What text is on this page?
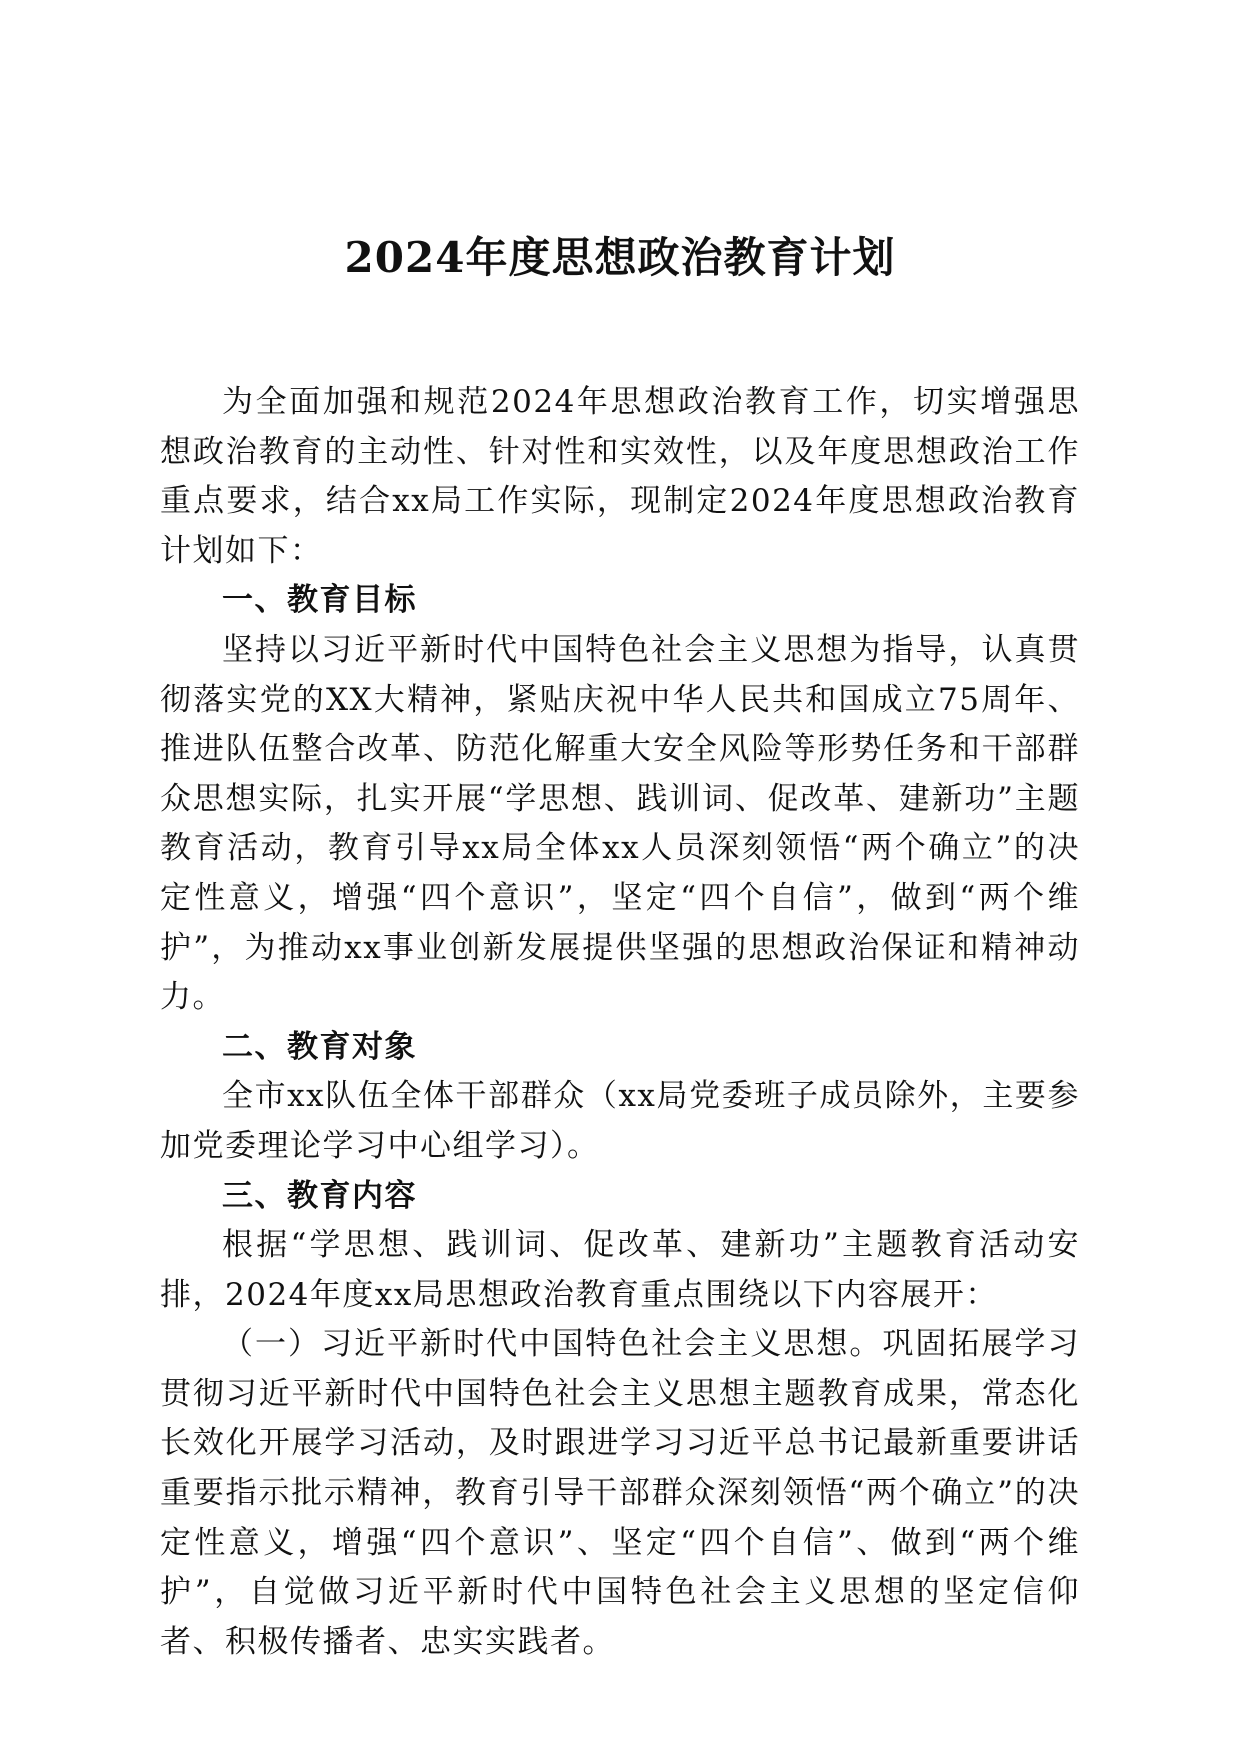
2024年度思想政治教育计划

为全面加强和规范2024年思想政治教育工作，切实增强思想政治教育的主动性、针对性和实效性，以及年度思想政治工作重点要求，结合xx局工作实际，现制定2024年度思想政治教育计划如下：

一、教育目标

坚持以习近平新时代中国特色社会主义思想为指导，认真贯彻落实党的XX大精神，紧贴庆祝中华人民共和国成立75周年、推进队伍整合改革、防范化解重大安全风险等形势任务和干部群众思想实际，扎实开展“学思想、践训词、促改革、建新功”主题教育活动，教育引导xx局全体xx人员深刻领悟“两个确立”的决定性意义，增强“四个意识”，坚定“四个自信”，做到“两个维护”，为推动xx事业创新发展提供坚强的思想政治保证和精神动力。

二、教育对象

全市xx队伍全体干部群众（xx局党委班子成员除外，主要参加党委理论学习中心组学习）。

三、教育内容

根据“学思想、践训词、促改革、建新功”主题教育活动安排，2024年度xx局思想政治教育重点围绕以下内容展开：

（一）习近平新时代中国特色社会主义思想。巩固拓展学习贯彻习近平新时代中国特色社会主义思想主题教育成果，常态化长效化开展学习活动，及时跟进学习习近平总书记最新重要讲话重要指示批示精神，教育引导干部群众深刻领悟“两个确立”的决定性意义，增强“四个意识”、坚定“四个自信”、做到“两个维护”，自觉做习近平新时代中国特色社会主义思想的坚定信仰者、积极传播者、忠实实践者。
